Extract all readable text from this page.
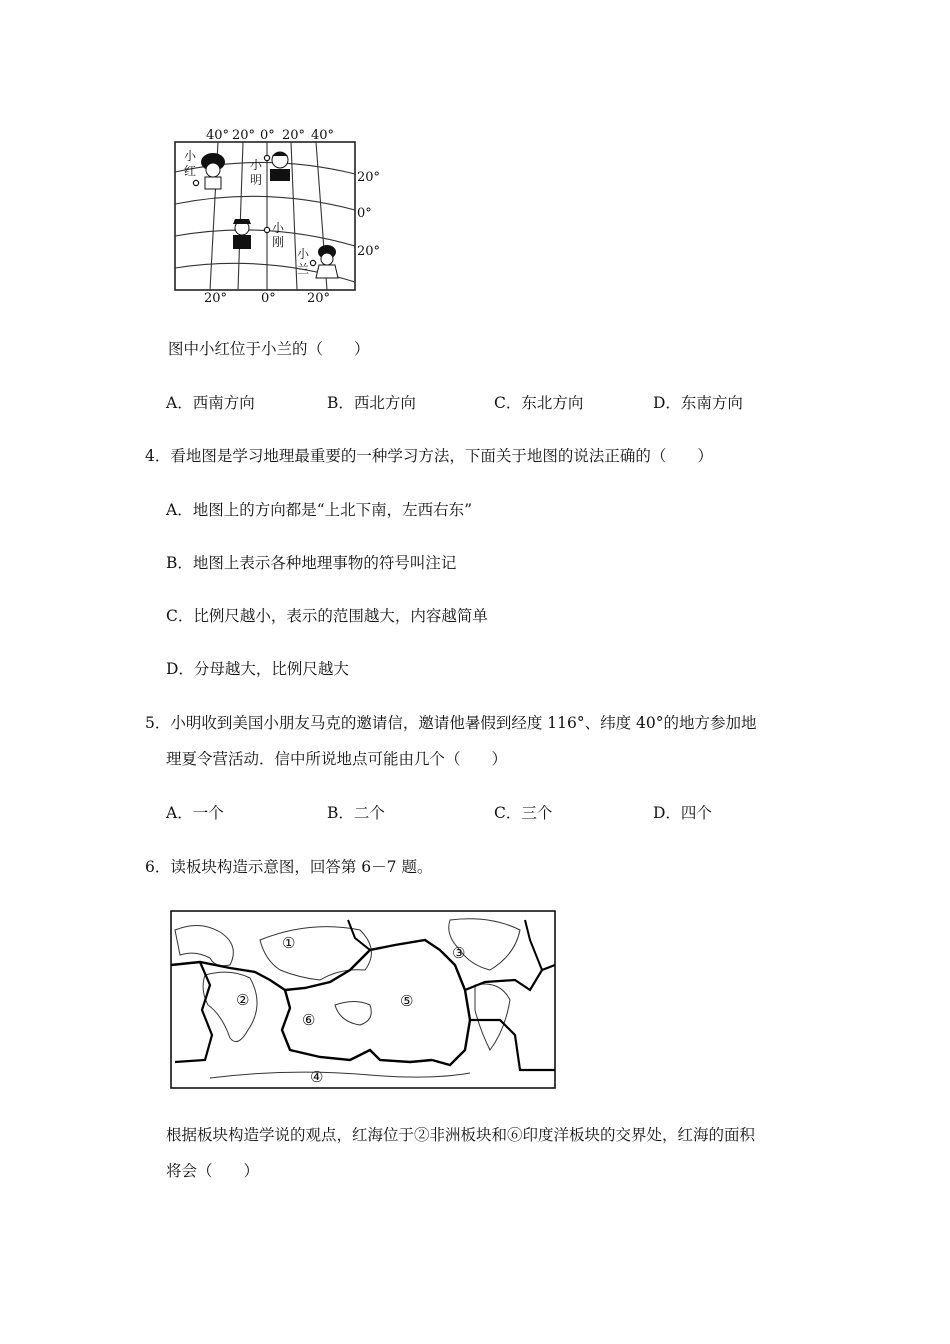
40° 20° 0° 20° 40°
20°	0° 20°
20°
0°
20°
小
红	小
明
小
刚
小
兰
图中小红位于小兰的（　　）
A．西南方向	B．西北方向	C．东北方向	D．东南方向
4．看地图是学习地理最重要的一种学习方法，下面关于地图的说法正确的（　　）
A．地图上的方向都是“上北下南，左西右东”
B．地图上表示各种地理事物的符号叫注记
C．比例尺越小，表示的范围越大，内容越简单
D．分母越大，比例尺越大
5．小明收到美国小朋友马克的邀请信，邀请他暑假到经度 116°、纬度 40°的地方参加地
理夏令营活动．信中所说地点可能由几个（　　）
A．一个	B．二个	C．三个	D．四个
6．读板块构造示意图，回答第 6－7 题。
①
②
③
④
⑤
⑥
根据板块构造学说的观点，红海位于②非洲板块和⑥印度洋板块的交界处，红海的面积
将会（　　）
